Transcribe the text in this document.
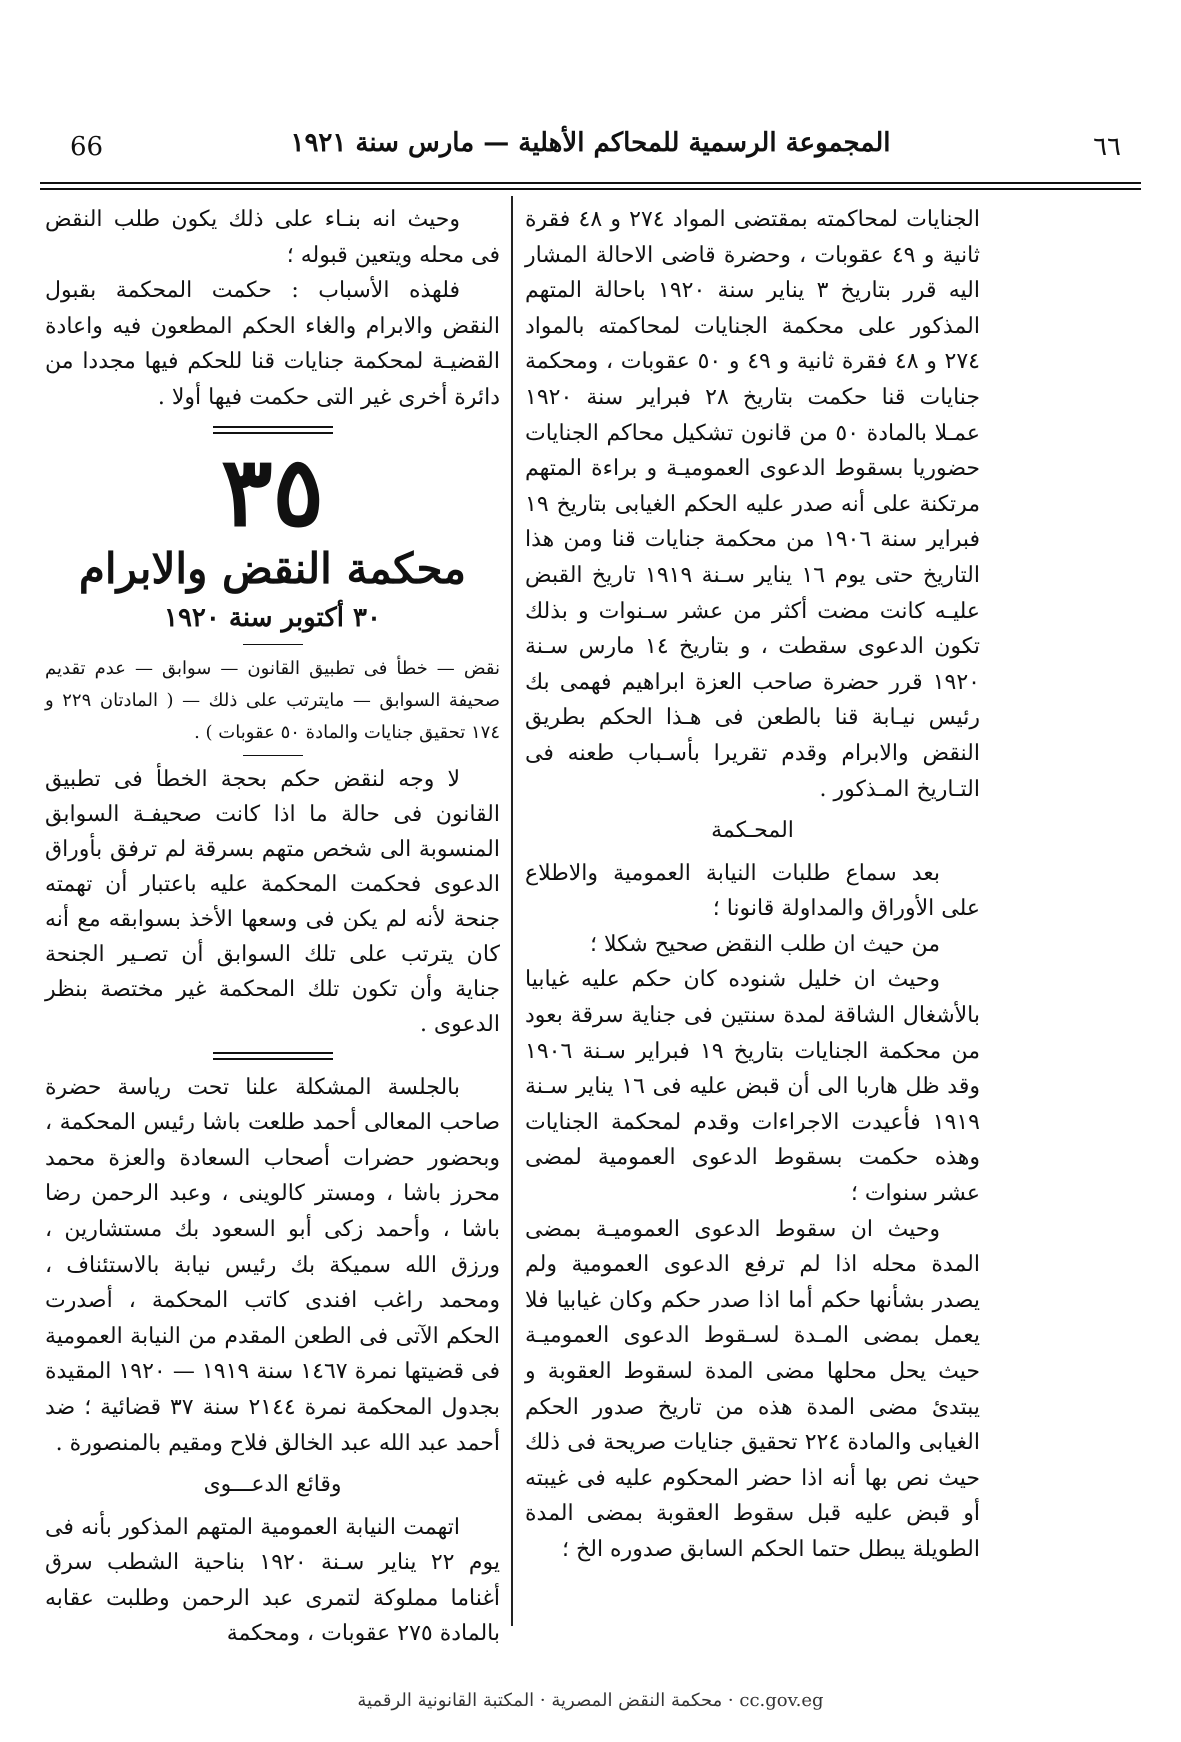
66	المجموعة الرسمية للمحاكم الأهلية — مارس سنة ١٩٢١	٦٦

الجنايات لمحاكمته بمقتضى المواد ٢٧٤ و ٤٨ فقرة ثانية و ٤٩ عقوبات ، وحضرة قاضى الاحالة المشار اليه قرر بتاريخ ٣ يناير سنة ١٩٢٠ باحالة المتهم المذكور على محكمة الجنايات لمحاكمته بالمواد ٢٧٤ و ٤٨ فقرة ثانية و ٤٩ و ٥٠ عقوبات ، ومحكمة جنايات قنا حكمت بتاريخ ٢٨ فبراير سنة ١٩٢٠ عمـلا بالمادة ٥٠ من قانون تشكيل محاكم الجنايات حضوريا بسقوط الدعوى العموميـة و براءة المتهم مرتكنة على أنه صدر عليه الحكم الغيابى بتاريخ ١٩ فبراير سنة ١٩٠٦ من محكمة جنايات قنا ومن هذا التاريخ حتى يوم ١٦ يناير سـنة ١٩١٩ تاريخ القبض عليـه كانت مضت أكثر من عشر سـنوات و بذلك تكون الدعوى سقطت ، و بتاريخ ١٤ مارس سـنة ١٩٢٠ قرر حضرة صاحب العزة ابراهيم فهمى بك رئيس نيـابة قنا بالطعن فى هـذا الحكم بطريق النقض والابرام وقدم تقريرا بأسـباب طعنه فى التـاريخ المـذكور .

المحـكمة

بعد سماع طلبات النيابة العمومية والاطلاع على الأوراق والمداولة قانونا ؛

من حيث ان طلب النقض صحيح شكلا ؛

وحيث ان خليل شنوده كان حكم عليه غيابيا بالأشغال الشاقة لمدة سنتين فى جناية سرقة بعود من محكمة الجنايات بتاريخ ١٩ فبراير سـنة ١٩٠٦ وقد ظل هاربا الى أن قبض عليه فى ١٦ يناير سـنة ١٩١٩ فأعيدت الاجراءات وقدم لمحكمة الجنايات وهذه حكمت بسقوط الدعوى العمومية لمضى عشر سنوات ؛

وحيث ان سقوط الدعوى العموميـة بمضى المدة محله اذا لم ترفع الدعوى العمومية ولم يصدر بشأنها حكم أما اذا صدر حكم وكان غيابيا فلا يعمل بمضى المـدة لسـقوط الدعوى العموميـة حيث يحل محلها مضى المدة لسقوط العقوبة و يبتدئ مضى المدة هذه من تاريخ صدور الحكم الغيابى والمادة ٢٢٤ تحقيق جنايات صريحة فى ذلك حيث نص بها أنه اذا حضر المحكوم عليه فى غيبته أو قبض عليه قبل سقوط العقوبة بمضى المدة الطويلة يبطل حتما الحكم السابق صدوره الخ ؛

وحيث انه بنـاء على ذلك يكون طلب النقض فى محله ويتعين قبوله ؛

فلهذه الأسباب : حكمت المحكمة بقبول النقض والابرام والغاء الحكم المطعون فيه واعادة القضيـة لمحكمة جنايات قنا للحكم فيها مجددا من دائرة أخرى غير التى حكمت فيها أولا .

٣٥
محكمة النقض والابرام
٣٠ أكتوبر سنة ١٩٢٠

نقض — خطأ فى تطبيق القانون — سوابق — عدم تقديم صحيفة السوابق — مايترتب على ذلك — ( المادتان ٢٢٩ و ١٧٤ تحقيق جنايات والمادة ٥٠ عقوبات ) .

لا وجه لنقض حكم بحجة الخطأ فى تطبيق القانون فى حالة ما اذا كانت صحيفـة السوابق المنسوبة الى شخص متهم بسرقة لم ترفق بأوراق الدعوى فحكمت المحكمة عليه باعتبار أن تهمته جنحة لأنه لم يكن فى وسعها الأخذ بسوابقه مع أنه كان يترتب على تلك السوابق أن تصـير الجنحة جناية وأن تكون تلك المحكمة غير مختصة بنظر الدعوى .

بالجلسة المشكلة علنا تحت رياسة حضرة صاحب المعالى أحمد طلعت باشا رئيس المحكمة ، وبحضور حضرات أصحاب السعادة والعزة محمد محرز باشا ، ومستر كالوينى ، وعبد الرحمن رضا باشا ، وأحمد زكى أبو السعود بك مستشارين ، ورزق الله سميكة بك رئيس نيابة بالاستئناف ، ومحمد راغب افندى كاتب المحكمة ، أصدرت الحكم الآتى فى الطعن المقدم من النيابة العمومية فى قضيتها نمرة ١٤٦٧ سنة ١٩١٩ — ١٩٢٠ المقيدة بجدول المحكمة نمرة ٢١٤٤ سنة ٣٧ قضائية ؛ ضد أحمد عبد الله عبد الخالق فلاح ومقيم بالمنصورة .

وقائع الدعـــوى

اتهمت النيابة العمومية المتهم المذكور بأنه فى يوم ٢٢ يناير سـنة ١٩٢٠ بناحية الشطب سرق أغناما مملوكة لتمرى عبد الرحمن وطلبت عقابه بالمادة ٢٧٥ عقوبات ، ومحكمة

cc.gov.eg · محكمة النقض المصرية · المكتبة القانونية الرقمية
